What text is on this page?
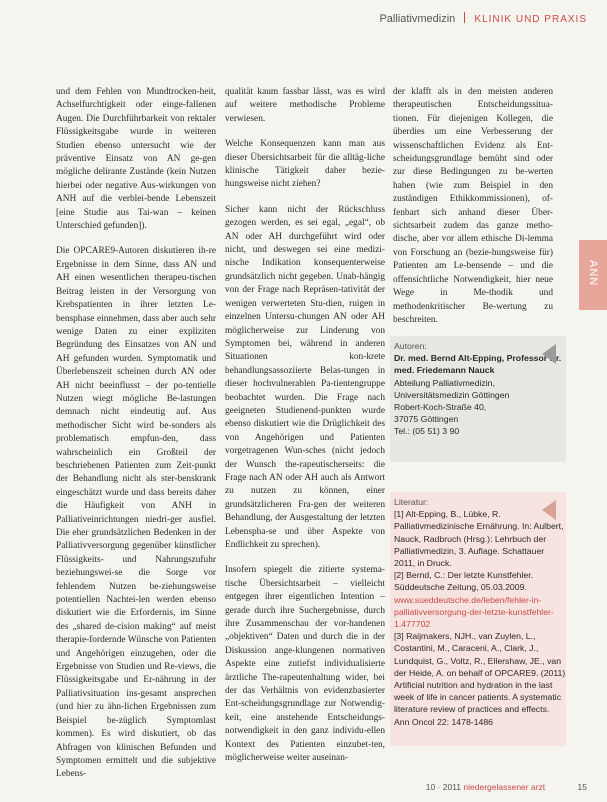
Palliativmedizin KLINIK UND PRAXIS

und dem Fehlen von Mundtrocken-heit, Achselfurchtigkeit oder einge-fallenen Augen. Die Durchführbarkeit von rektaler Flüssigkeitsgabe wurde in weiteren Studien ebenso untersucht wie der präventive Einsatz von AN ge-gen mögliche delirante Zustände (kein Nutzen hierbei oder negative Aus-wirkungen von ANH auf die verblei-bende Lebenszeit [eine Studie aus Tai-wan – keinen Unterschied gefunden]).

Die OPCARE9-Autoren diskutieren ih-re Ergebnisse in dem Sinne, dass AN und AH einen wesentlichen therapeu-tischen Beitrag leisten in der Versorgung von Krebspatienten in ihrer letzten Le-bensphase einnehmen, dass aber auch sehr wenige Daten zu einer expliziten Begründung des Einsatzes von AN und AH gefunden wurden. Symptomatik und Überlebenszeit scheinen durch AN oder AH nicht beeinflusst – der po-tentielle Nutzen wiegt mögliche Be-lastungen demnach nicht eindeutig auf. Aus methodischer Sicht wird be-sonders als problematisch empfun-den, dass wahrscheinlich ein Großteil der beschriebenen Patienten zum Zeit-punkt der Behandlung nicht als ster-benskrank eingeschätzt wurde und dass bereits daher die Häufigkeit von ANH in Palliativeinrichtungen niedri-ger ausfiel. Die eher grundsätzlichen Bedenken in der Palliativversorgung gegenüber künstlicher Flüssigkeits- und Nahrungszufuhr beziehungswei-se die Sorge vor fehlendem Nutzen be-ziehungsweise potentiellen Nachtei-len werden ebenso diskutiert wie die Erfordernis, im Sinne des „shared de-cision making“ auf meist therapie-fordernde Wünsche von Patienten und Angehörigen einzugehen, oder die Ergebnisse von Studien und Re-views, die Flüssigkeitsgabe und Er-nährung in der Palliativsituation ins-gesamt ansprechen (und hier zu ähn-lichen Ergebnissen zum Beispiel be-züglich Symptomlast kommen). Es wird diskutiert, ob das Abfragen von klinischen Befunden und Symptomen ermittelt und die subjektive Lebens-

qualität kaum fassbar lässt, was es wird auf weitere methodische Probleme verwiesen.

Welche Konsequenzen kann man aus dieser Übersichtsarbeit für die alltäg-liche klinische Tätigkeit daher bezie-hungsweise nicht ziehen?

Sicher kann nicht der Rückschluss gezogen werden, es sei egal, „egal“, ob AN oder AH durchgeführt wird oder nicht, und deswegen sei eine medizi-nische Indikation konsequenterweise grundsätzlich nicht gegeben. Unab-hängig von der Frage nach Repräsen-tativität der wenigen verwerteten Stu-dien, ruigen in einzelnen Untersu-chungen AN oder AH möglicherweise zur Linderung von Symptomen bei, während in anderen Situationen kon-krete behandlungsassoziierte Belas-tungen in dieser hochvulnerablen Pa-tientengruppe beobachtet wurden. Die Frage nach geeigneten Studienend-punkten wurde ebenso diskutiert wie die Drüglichkeit des von Angehörigen und Patienten vorgetragenen Wun-sches (nicht jedoch der Wunsch the-rapeutischerseits: die Frage nach AN oder AH auch als Antwort zu nutzen zu können, einer grundsätzlicheren Fra-gen der weiteren Behandlung, der Ausgestaltung der letzten Lebenspha-se und über Aspekte von Endlichkeit zu sprechen).

Insofern spiegelt die zitierte systema-tische Übersichtsarbeit – vielleicht entgegen ihrer eigentlichen Intention – gerade durch ihre Suchergebnisse, durch ihre Zusammenschau der vor-handenen „objektiven“ Daten und durch die in der Diskussion ange-klungenen normativen Aspekte eine zutiefst individualisierte ärztliche The-rapeutenhaltung wider, bei der das Verhältnis von evidenzbasierter Ent-scheidungsgrundlage zur Notwendig-keit, eine anstehende Entscheidungs-notwendigkeit in den ganz individu-ellen Kontext des Patienten einzubet-ten, möglicherweise weiter auseinan-

der klafft als in den meisten anderen therapeutischen Entscheidungssitua-tionen. Für diejenigen Kollegen, die überdies um eine Verbesserung der wissenschaftlichen Evidenz als Ent-scheidungsgrundlage bemüht sind oder zur diese Bedingungen zu be-werten haben (wie zum Beispiel in den zuständigen Ethikkommissionen), of-fenbart sich anhand dieser Über-sichtsarbeit zudem das ganze metho-dische, aber vor allem ethische Di-lemma von Forschung an (bezie-hungsweise für) Patienten am Le-bensende – und die offensichtliche Notwendigkeit, hier neue Wege in Me-thodik und methodenkritischer Be-wertung zu beschreiten.

ANN
Autoren:
Dr. med. Bernd Alt-Epping, Professor Dr. med. Friedemann Nauck
Abteilung Palliativmedizin,
Universitätsmedizin Göttingen
Robert-Koch-Straße 40,
37075 Göttingen
Tel.: (05 51) 3 90
Literatur:

[1] Alt-Epping, B., Lübke, R. Palliativmedizinische Ernährung. In: Aulbert, Nauck, Radbruch (Hrsg.): Lehrbuch der Palliativmedizin, 3. Auflage. Schattauer 2011, in Druck.

[2] Bernd, C.: Der letzte Kunstfehler. Süddeutsche Zeitung, 05.03.2009.

www.sueddeutsche.de/leben/fehler-in-palliativversorgung-der-letzte-kunstfehler-1.477702

[3] Raijmakers, NJH., van Zuylen, L., Costantini, M., Caraceni, A., Clark, J., Lundquist, G., Voltz, R., Ellershaw, JE., van der Heide, A. on behalf of OPCARE9. (2011) Artificial nutrition and hydration in the last week of life in cancer patients. A systematic literature review of practices and effects. Ann Oncol 22: 1478-1486

10 · 2011 niedergelassener arzt	15
